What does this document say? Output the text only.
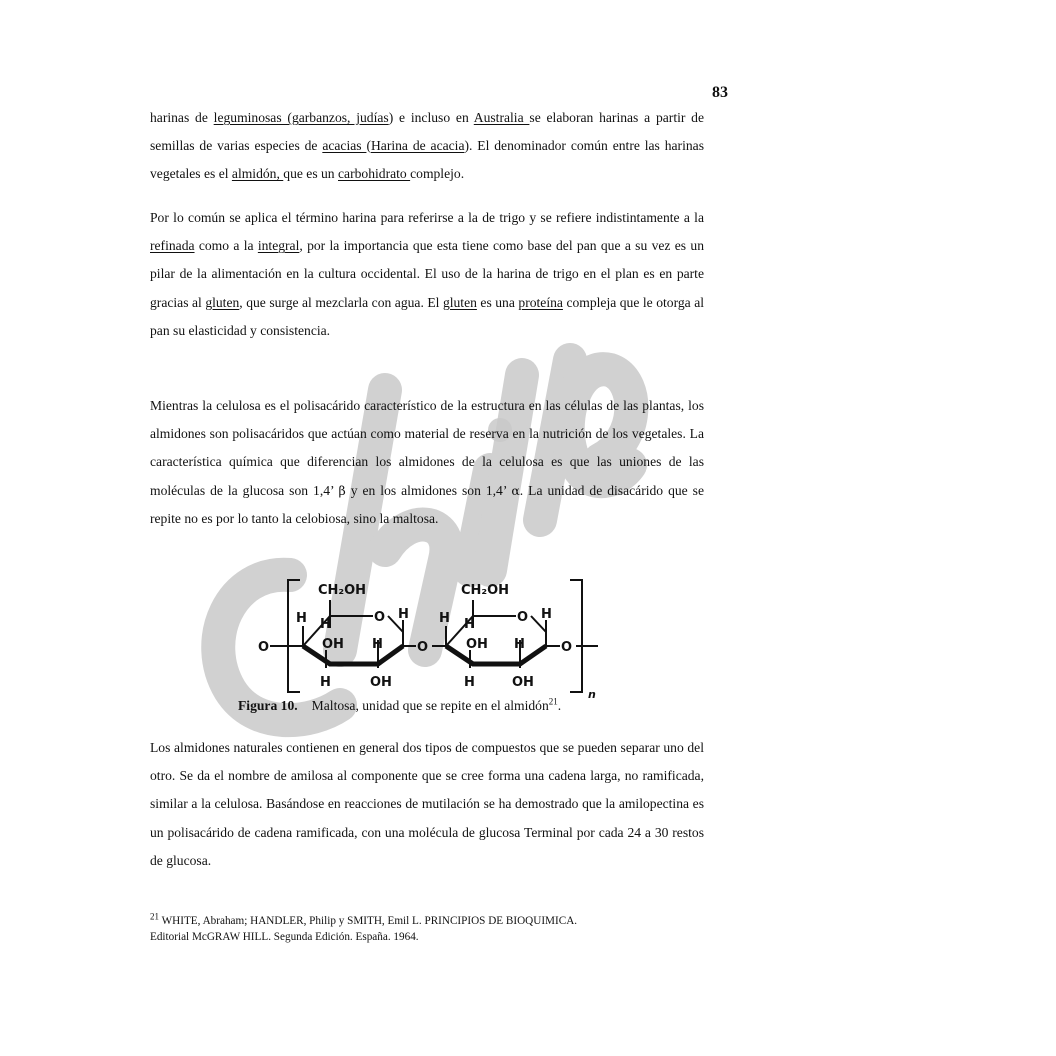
83

harinas de leguminosas (garbanzos, judías) e incluso en Australia se elaboran harinas a partir de semillas de varias especies de acacias (Harina de acacia). El denominador común entre las harinas vegetales es el almidón, que es un carbohidrato complejo.

Por lo común se aplica el término harina para referirse a la de trigo y se refiere indistintamente a la refinada como a la integral, por la importancia que esta tiene como base del pan que a su vez es un pilar de la alimentación en la cultura occidental. El uso de la harina de trigo en el plan es en parte gracias al gluten, que surge al mezclarla con agua. El gluten es una proteína compleja que le otorga al pan su elasticidad y consistencia.

Mientras la celulosa es el polisacárido característico de la estructura en las células de las plantas, los almidones son polisacáridos que actúan como material de reserva en la nutrición de los vegetales. La característica química que diferencian los almidones de la celulosa es que las uniones de las moléculas de la glucosa son 1,4’ β y en los almidones son 1,4’ α. La unidad de disacárido que se repite no es por lo tanto la celobiosa, sino la maltosa.

CH₂OH
O
H H
H
OH H
H	OH
O	O
CH₂OH
O
H H
H
OH H
H	OH
O
n
Figura 10. Maltosa, unidad que se repite en el almidón$^{21}$.

Los almidones naturales contienen en general dos tipos de compuestos que se pueden separar uno del otro. Se da el nombre de amilosa al componente que se cree forma una cadena larga, no ramificada, similar a la celulosa. Basándose en reacciones de mutilación se ha demostrado que la amilopectina es un polisacárido de cadena ramificada, con una molécula de glucosa Terminal por cada 24 a 30 restos de glucosa.

$^{21}$ WHITE, Abraham; HANDLER, Philip y SMITH, Emil L. PRINCIPIOS DE BIOQUIMICA.
Editorial McGRAW HILL. Segunda Edición. España. 1964.
